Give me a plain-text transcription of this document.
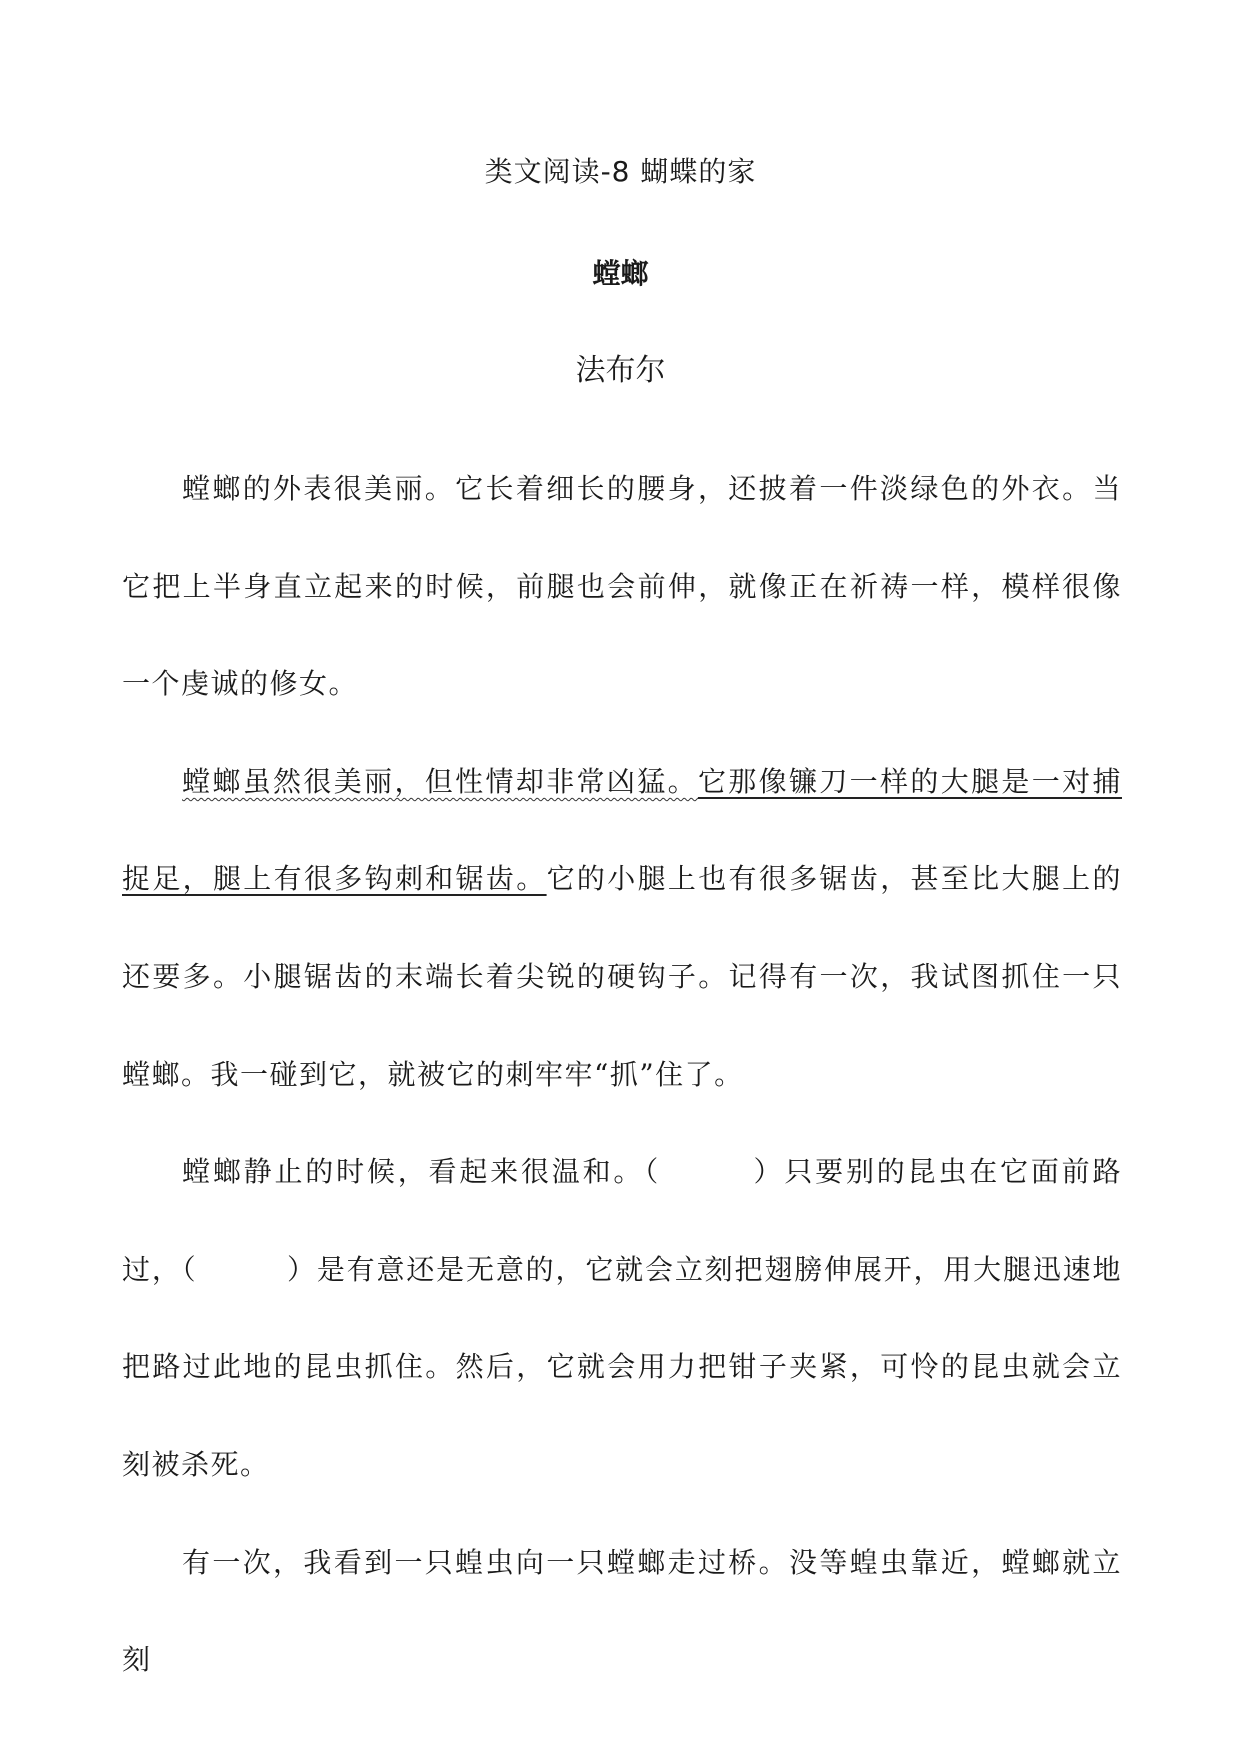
类文阅读-8 蝴蝶的家
螳螂
法布尔

螳螂的外表很美丽。它长着细长的腰身，还披着一件淡绿色的外衣。当它把上半身直立起来的时候，前腿也会前伸，就像正在祈祷一样，模样很像一个虔诚的修女。

螳螂虽然很美丽，但性情却非常凶猛。它那像镰刀一样的大腿是一对捕捉足，腿上有很多钩刺和锯齿。它的小腿上也有很多锯齿，甚至比大腿上的还要多。小腿锯齿的末端长着尖锐的硬钩子。记得有一次，我试图抓住一只螳螂。我一碰到它，就被它的刺牢牢“抓”住了。

螳螂静止的时候，看起来很温和。（　　　）只要别的昆虫在它面前路过，（　　　）是有意还是无意的，它就会立刻把翅膀伸展开，用大腿迅速地把路过此地的昆虫抓住。然后，它就会用力把钳子夹紧，可怜的昆虫就会立刻被杀死。

有一次，我看到一只蝗虫向一只螳螂走过桥。没等蝗虫靠近，螳螂就立刻
